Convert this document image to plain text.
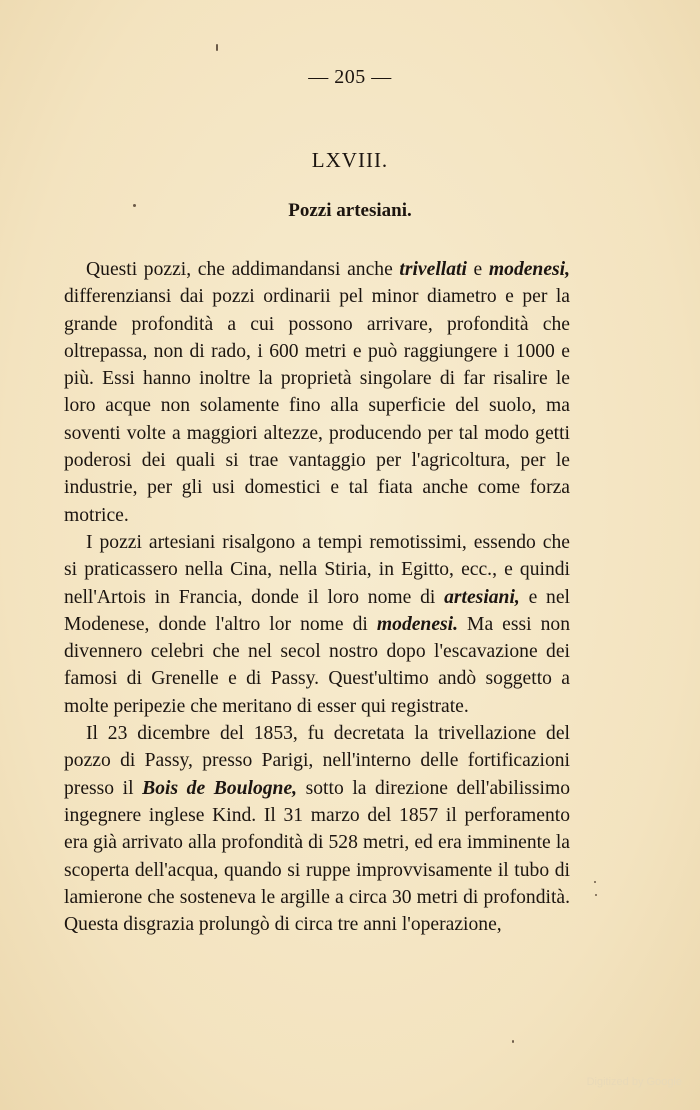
— 205 —
LXVIII.
Pozzi artesiani.

Questi pozzi, che addimandansi anche trivellati e modenesi, differenziansi dai pozzi ordinarii pel minor diametro e per la grande profondità a cui possono arrivare, profondità che oltrepassa, non di rado, i 600 metri e può raggiungere i 1000 e più. Essi hanno inoltre la proprietà singolare di far risalire le loro acque non solamente fino alla superficie del suolo, ma soventi volte a maggiori altezze, producendo per tal modo getti poderosi dei quali si trae vantaggio per l'agricoltura, per le industrie, per gli usi domestici e tal fiata anche come forza motrice.

I pozzi artesiani risalgono a tempi remotissimi, essendo che si praticassero nella Cina, nella Stiria, in Egitto, ecc., e quindi nell'Artois in Francia, donde il loro nome di artesiani, e nel Modenese, donde l'altro lor nome di modenesi. Ma essi non divennero celebri che nel secol nostro dopo l'escavazione dei famosi di Grenelle e di Passy. Quest'ultimo andò soggetto a molte peripezie che meritano di esser qui registrate.

Il 23 dicembre del 1853, fu decretata la trivellazione del pozzo di Passy, presso Parigi, nell'interno delle fortificazioni presso il Bois de Boulogne, sotto la direzione dell'abilissimo ingegnere inglese Kind. Il 31 marzo del 1857 il perforamento era già arrivato alla profondità di 528 metri, ed era imminente la scoperta dell'acqua, quando si ruppe improvvisamente il tubo di lamierone che sosteneva le argille a circa 30 metri di profondità. Questa disgrazia prolungò di circa tre anni l'operazione,

Digitized by Google
